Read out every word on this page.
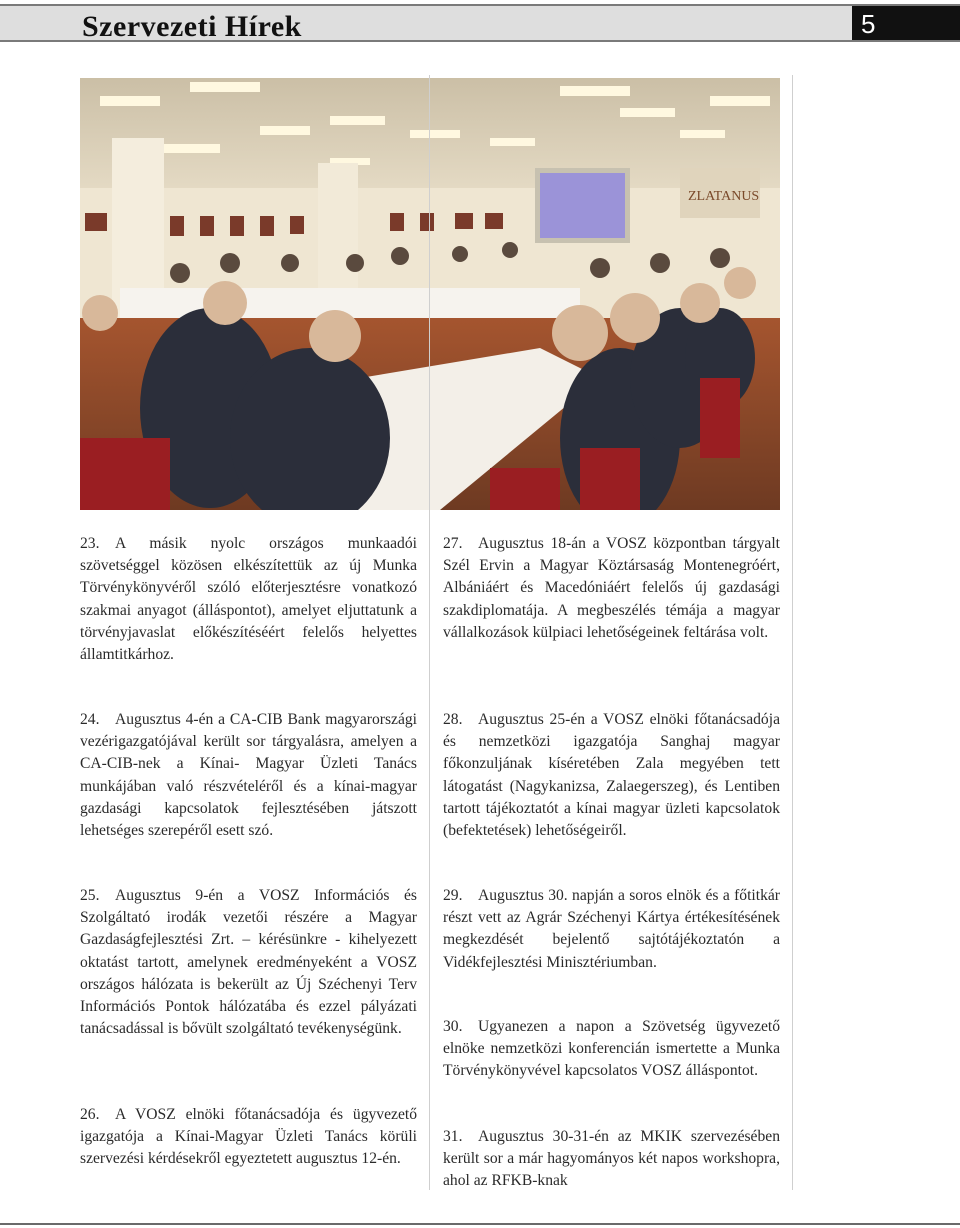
Szervezeti Hírek	5
ZLATANUS

23. A másik nyolc országos munkaadói szövetséggel közösen elkészítettük az új Munka Törvénykönyvéről szóló előterjesztésre vonatkozó szakmai anyagot (álláspontot), amelyet eljuttatunk a törvényjavaslat előkészítéséért felelős helyettes államtitkárhoz.

24. Augusztus 4-én a CA-CIB Bank magyarországi vezérigazgatójával került sor tárgyalásra, amelyen a CA-CIB-nek a Kínai- Magyar Üzleti Tanács munkájában való részvételéről és a kínai-magyar gazdasági kapcsolatok fejlesztésében játszott lehetséges szerepéről esett szó.

25. Augusztus 9-én a VOSZ Információs és Szolgáltató irodák vezetői részére a Magyar Gazdaságfejlesztési Zrt. – kérésünkre - kihelyezett oktatást tartott, amelynek eredményeként a VOSZ országos hálózata is bekerült az Új Széchenyi Terv Információs Pontok hálózatába és ezzel pályázati tanácsadással is bővült szolgáltató tevékenységünk.

26. A VOSZ elnöki főtanácsadója és ügyvezető igazgatója a Kínai-Magyar Üzleti Tanács körüli szervezési kérdésekről egyeztetett augusztus 12-én.

27. Augusztus 18-án a VOSZ központban tárgyalt Szél Ervin a Magyar Köztársaság Montenegróért, Albániáért és Macedóniáért felelős új gazdasági szakdiplomatája. A megbeszélés témája a magyar vállalkozások külpiaci lehetőségeinek feltárása volt.

28. Augusztus 25-én a VOSZ elnöki főtanácsadója és nemzetközi igazgatója Sanghaj magyar főkonzuljának kíséretében Zala megyében tett látogatást (Nagykanizsa, Zalaegerszeg), és Lentiben tartott tájékoztatót a kínai magyar üzleti kapcsolatok (befektetések) lehetőségeiről.

29. Augusztus 30. napján a soros elnök és a főtitkár részt vett az Agrár Széchenyi Kártya értékesítésének megkezdését bejelentő sajtótájékoztatón a Vidékfejlesztési Minisztériumban.

30. Ugyanezen a napon a Szövetség ügyvezető elnöke nemzetközi konferencián ismertette a Munka Törvénykönyvével kapcsolatos VOSZ álláspontot.

31. Augusztus 30-31-én az MKIK szervezésében került sor a már hagyományos két napos workshopra, ahol az RFKB-knak
